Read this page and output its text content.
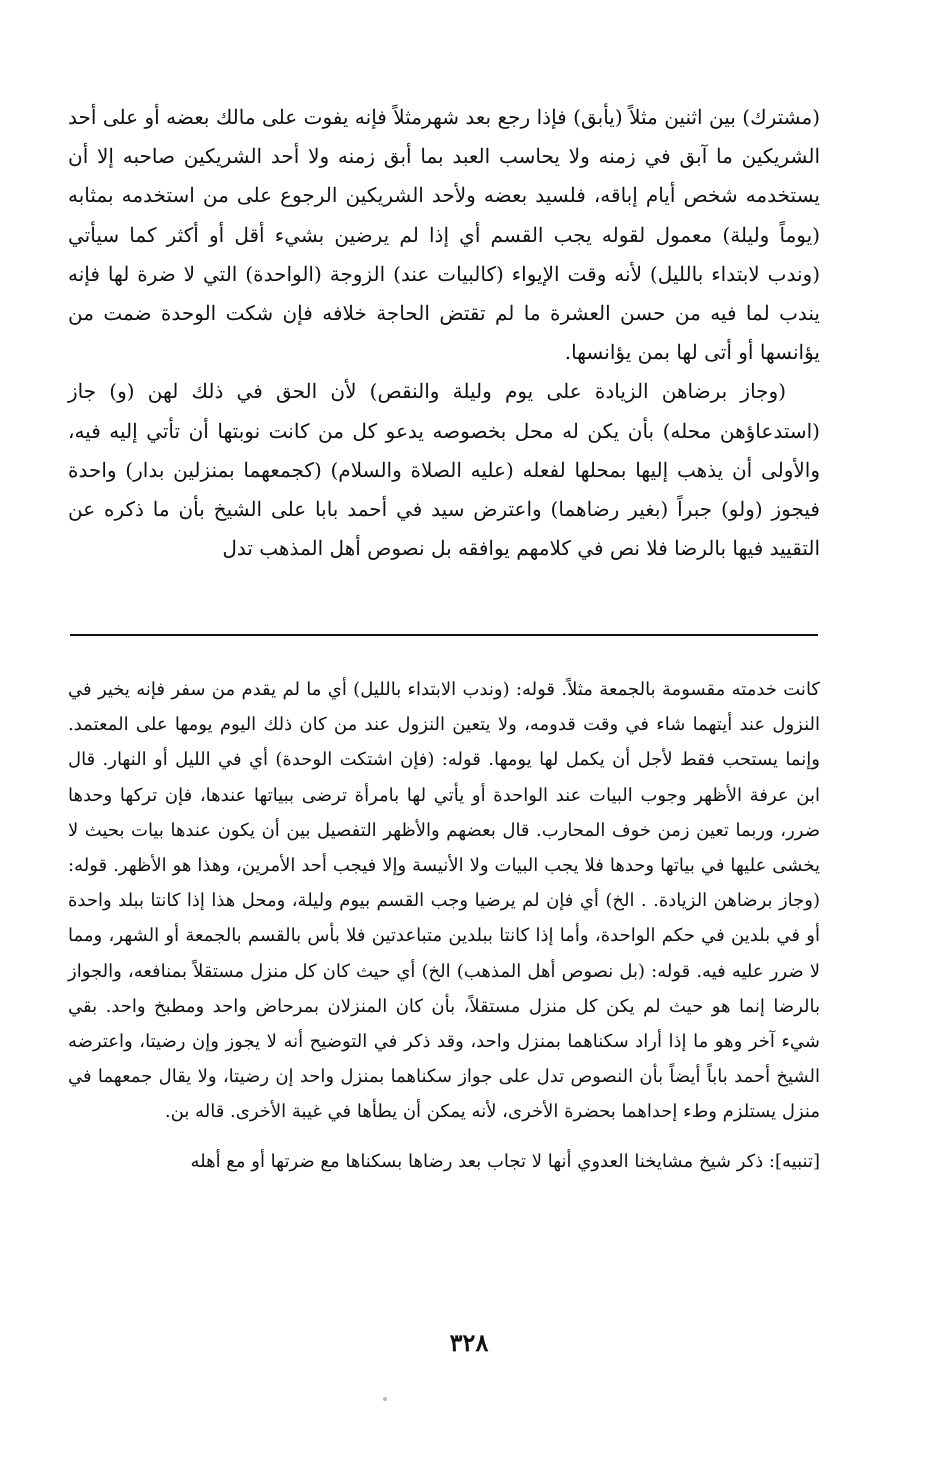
(مشترك) بين اثنين مثلاً (يأبق) فإذا رجع بعد شهرمثلاً فإنه يفوت على مالك بعضه أو على أحد الشريكين ما آبق في زمنه ولا يحاسب العبد بما أبق زمنه ولا أحد الشريكين صاحبه إلا أن يستخدمه شخص أيام إباقه، فلسيد بعضه ولأحد الشريكين الرجوع على من استخدمه بمثابه (يوماً وليلة) معمول لقوله يجب القسم أي إذا لم يرضين بشيء أقل أو أكثر كما سيأتي (وندب لابتداء بالليل) لأنه وقت الإيواء (كالبيات عند) الزوجة (الواحدة) التي لا ضرة لها فإنه يندب لما فيه من حسن العشرة ما لم تقتض الحاجة خلافه فإن شكت الوحدة ضمت من يؤانسها أو أتى لها بمن يؤانسها.

(وجاز برضاهن الزيادة على يوم وليلة والنقص) لأن الحق في ذلك لهن (و) جاز (استدعاؤهن محله) بأن يكن له محل بخصوصه يدعو كل من كانت نوبتها أن تأتي إليه فيه، والأولى أن يذهب إليها بمحلها لفعله (عليه الصلاة والسلام) (كجمعهما بمنزلين بدار) واحدة فيجوز (ولو) جبراً (بغير رضاهما) واعترض سيد في أحمد بابا على الشيخ بأن ما ذكره عن التقييد فيها بالرضا فلا نص في كلامهم يوافقه بل نصوص أهل المذهب تدل

كانت خدمته مقسومة بالجمعة مثلاً. قوله: (وندب الابتداء بالليل) أي ما لم يقدم من سفر فإنه يخير في النزول عند أيتهما شاء في وقت قدومه، ولا يتعين النزول عند من كان ذلك اليوم يومها على المعتمد. وإنما يستحب فقط لأجل أن يكمل لها يومها. قوله: (فإن اشتكت الوحدة) أي في الليل أو النهار. قال ابن عرفة الأظهر وجوب البيات عند الواحدة أو يأتي لها بامرأة ترضى ببياتها عندها، فإن تركها وحدها ضرر، وربما تعين زمن خوف المحارب. قال بعضهم والأظهر التفصيل بين أن يكون عندها بيات بحيث لا يخشى عليها في بياتها وحدها فلا يجب البيات ولا الأنيسة وإلا فيجب أحد الأمرين، وهذا هو الأظهر. قوله: (وجاز برضاهن الزيادة. . الخ) أي فإن لم يرضيا وجب القسم بيوم وليلة، ومحل هذا إذا كانتا ببلد واحدة أو في بلدين في حكم الواحدة، وأما إذا كانتا ببلدين متباعدتين فلا بأس بالقسم بالجمعة أو الشهر، ومما لا ضرر عليه فيه. قوله: (بل نصوص أهل المذهب) الخ) أي حيث كان كل منزل مستقلاً بمنافعه، والجواز بالرضا إنما هو حيث لم يكن كل منزل مستقلاً، بأن كان المنزلان بمرحاض واحد ومطبخ واحد. بقي شيء آخر وهو ما إذا أراد سكناهما بمنزل واحد، وقد ذكر في التوضيح أنه لا يجوز وإن رضيتا، واعترضه الشيخ أحمد باباً أيضاً بأن النصوص تدل على جواز سكناهما بمنزل واحد إن رضيتا، ولا يقال جمعهما في منزل يستلزم وطء إحداهما بحضرة الأخرى، لأنه يمكن أن يطأها في غيبة الأخرى. قاله بن.

[تنبيه]: ذكر شيخ مشايخنا العدوي أنها لا تجاب بعد رضاها بسكناها مع ضرتها أو مع أهله

٣٢٨
